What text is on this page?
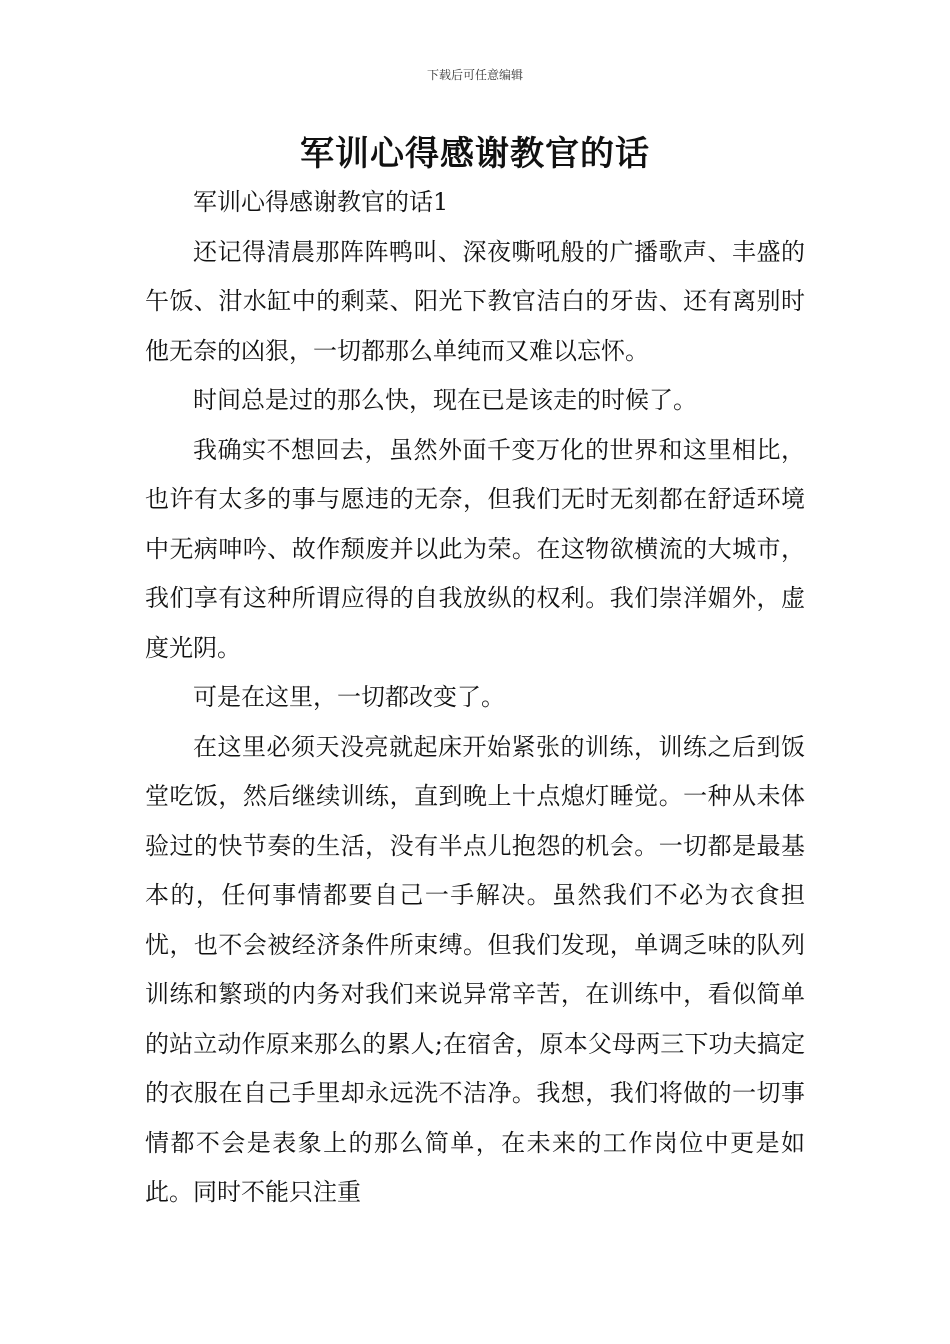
下载后可任意编辑
军训心得感谢教官的话

军训心得感谢教官的话1

还记得清晨那阵阵鸭叫、深夜嘶吼般的广播歌声、丰盛的午饭、泔水缸中的剩菜、阳光下教官洁白的牙齿、还有离别时他无奈的凶狠，一切都那么单纯而又难以忘怀。

时间总是过的那么快，现在已是该走的时候了。

我确实不想回去，虽然外面千变万化的世界和这里相比，也许有太多的事与愿违的无奈，但我们无时无刻都在舒适环境中无病呻吟、故作颓废并以此为荣。在这物欲横流的大城市，我们享有这种所谓应得的自我放纵的权利。我们崇洋媚外，虚度光阴。

可是在这里，一切都改变了。

在这里必须天没亮就起床开始紧张的训练，训练之后到饭堂吃饭，然后继续训练，直到晚上十点熄灯睡觉。一种从未体验过的快节奏的生活，没有半点儿抱怨的机会。一切都是最基本的，任何事情都要自己一手解决。虽然我们不必为衣食担忧，也不会被经济条件所束缚。但我们发现，单调乏味的队列训练和繁琐的内务对我们来说异常辛苦，在训练中，看似简单的站立动作原来那么的累人;在宿舍，原本父母两三下功夫搞定的衣服在自己手里却永远洗不洁净。我想，我们将做的一切事情都不会是表象上的那么简单，在未来的工作岗位中更是如此。同时不能只注重
